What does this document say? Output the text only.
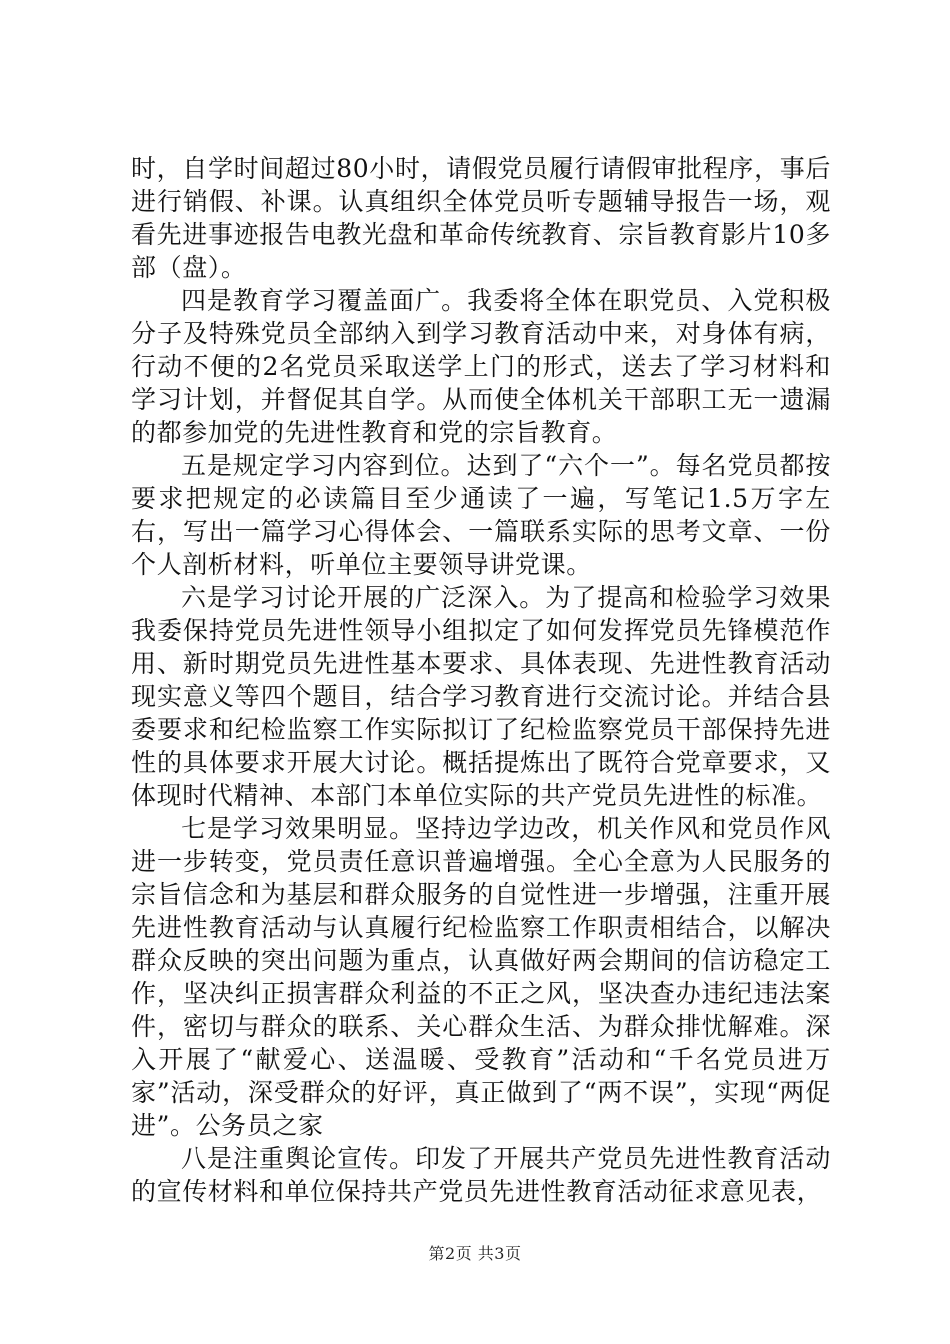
时，自学时间超过80小时，请假党员履行请假审批程序，事后进行销假、补课。认真组织全体党员听专题辅导报告一场，观看先进事迹报告电教光盘和革命传统教育、宗旨教育影片10多部（盘）。

四是教育学习覆盖面广。我委将全体在职党员、入党积极分子及特殊党员全部纳入到学习教育活动中来，对身体有病，行动不便的2名党员采取送学上门的形式，送去了学习材料和学习计划，并督促其自学。从而使全体机关干部职工无一遗漏的都参加党的先进性教育和党的宗旨教育。

五是规定学习内容到位。达到了“六个一”。每名党员都按要求把规定的必读篇目至少通读了一遍，写笔记1.5万字左右，写出一篇学习心得体会、一篇联系实际的思考文章、一份个人剖析材料，听单位主要领导讲党课。

六是学习讨论开展的广泛深入。为了提高和检验学习效果我委保持党员先进性领导小组拟定了如何发挥党员先锋模范作用、新时期党员先进性基本要求、具体表现、先进性教育活动现实意义等四个题目，结合学习教育进行交流讨论。并结合县委要求和纪检监察工作实际拟订了纪检监察党员干部保持先进性的具体要求开展大讨论。概括提炼出了既符合党章要求，又体现时代精神、本部门本单位实际的共产党员先进性的标准。

七是学习效果明显。坚持边学边改，机关作风和党员作风进一步转变，党员责任意识普遍增强。全心全意为人民服务的宗旨信念和为基层和群众服务的自觉性进一步增强，注重开展先进性教育活动与认真履行纪检监察工作职责相结合，以解决群众反映的突出问题为重点，认真做好两会期间的信访稳定工作，坚决纠正损害群众利益的不正之风，坚决查办违纪违法案件，密切与群众的联系、关心群众生活、为群众排忧解难。深入开展了“献爱心、送温暖、受教育”活动和“千名党员进万家”活动，深受群众的好评，真正做到了“两不误”，实现“两促进”。公务员之家

八是注重舆论宣传。印发了开展共产党员先进性教育活动的宣传材料和单位保持共产党员先进性教育活动征求意见表，

第2页 共3页
